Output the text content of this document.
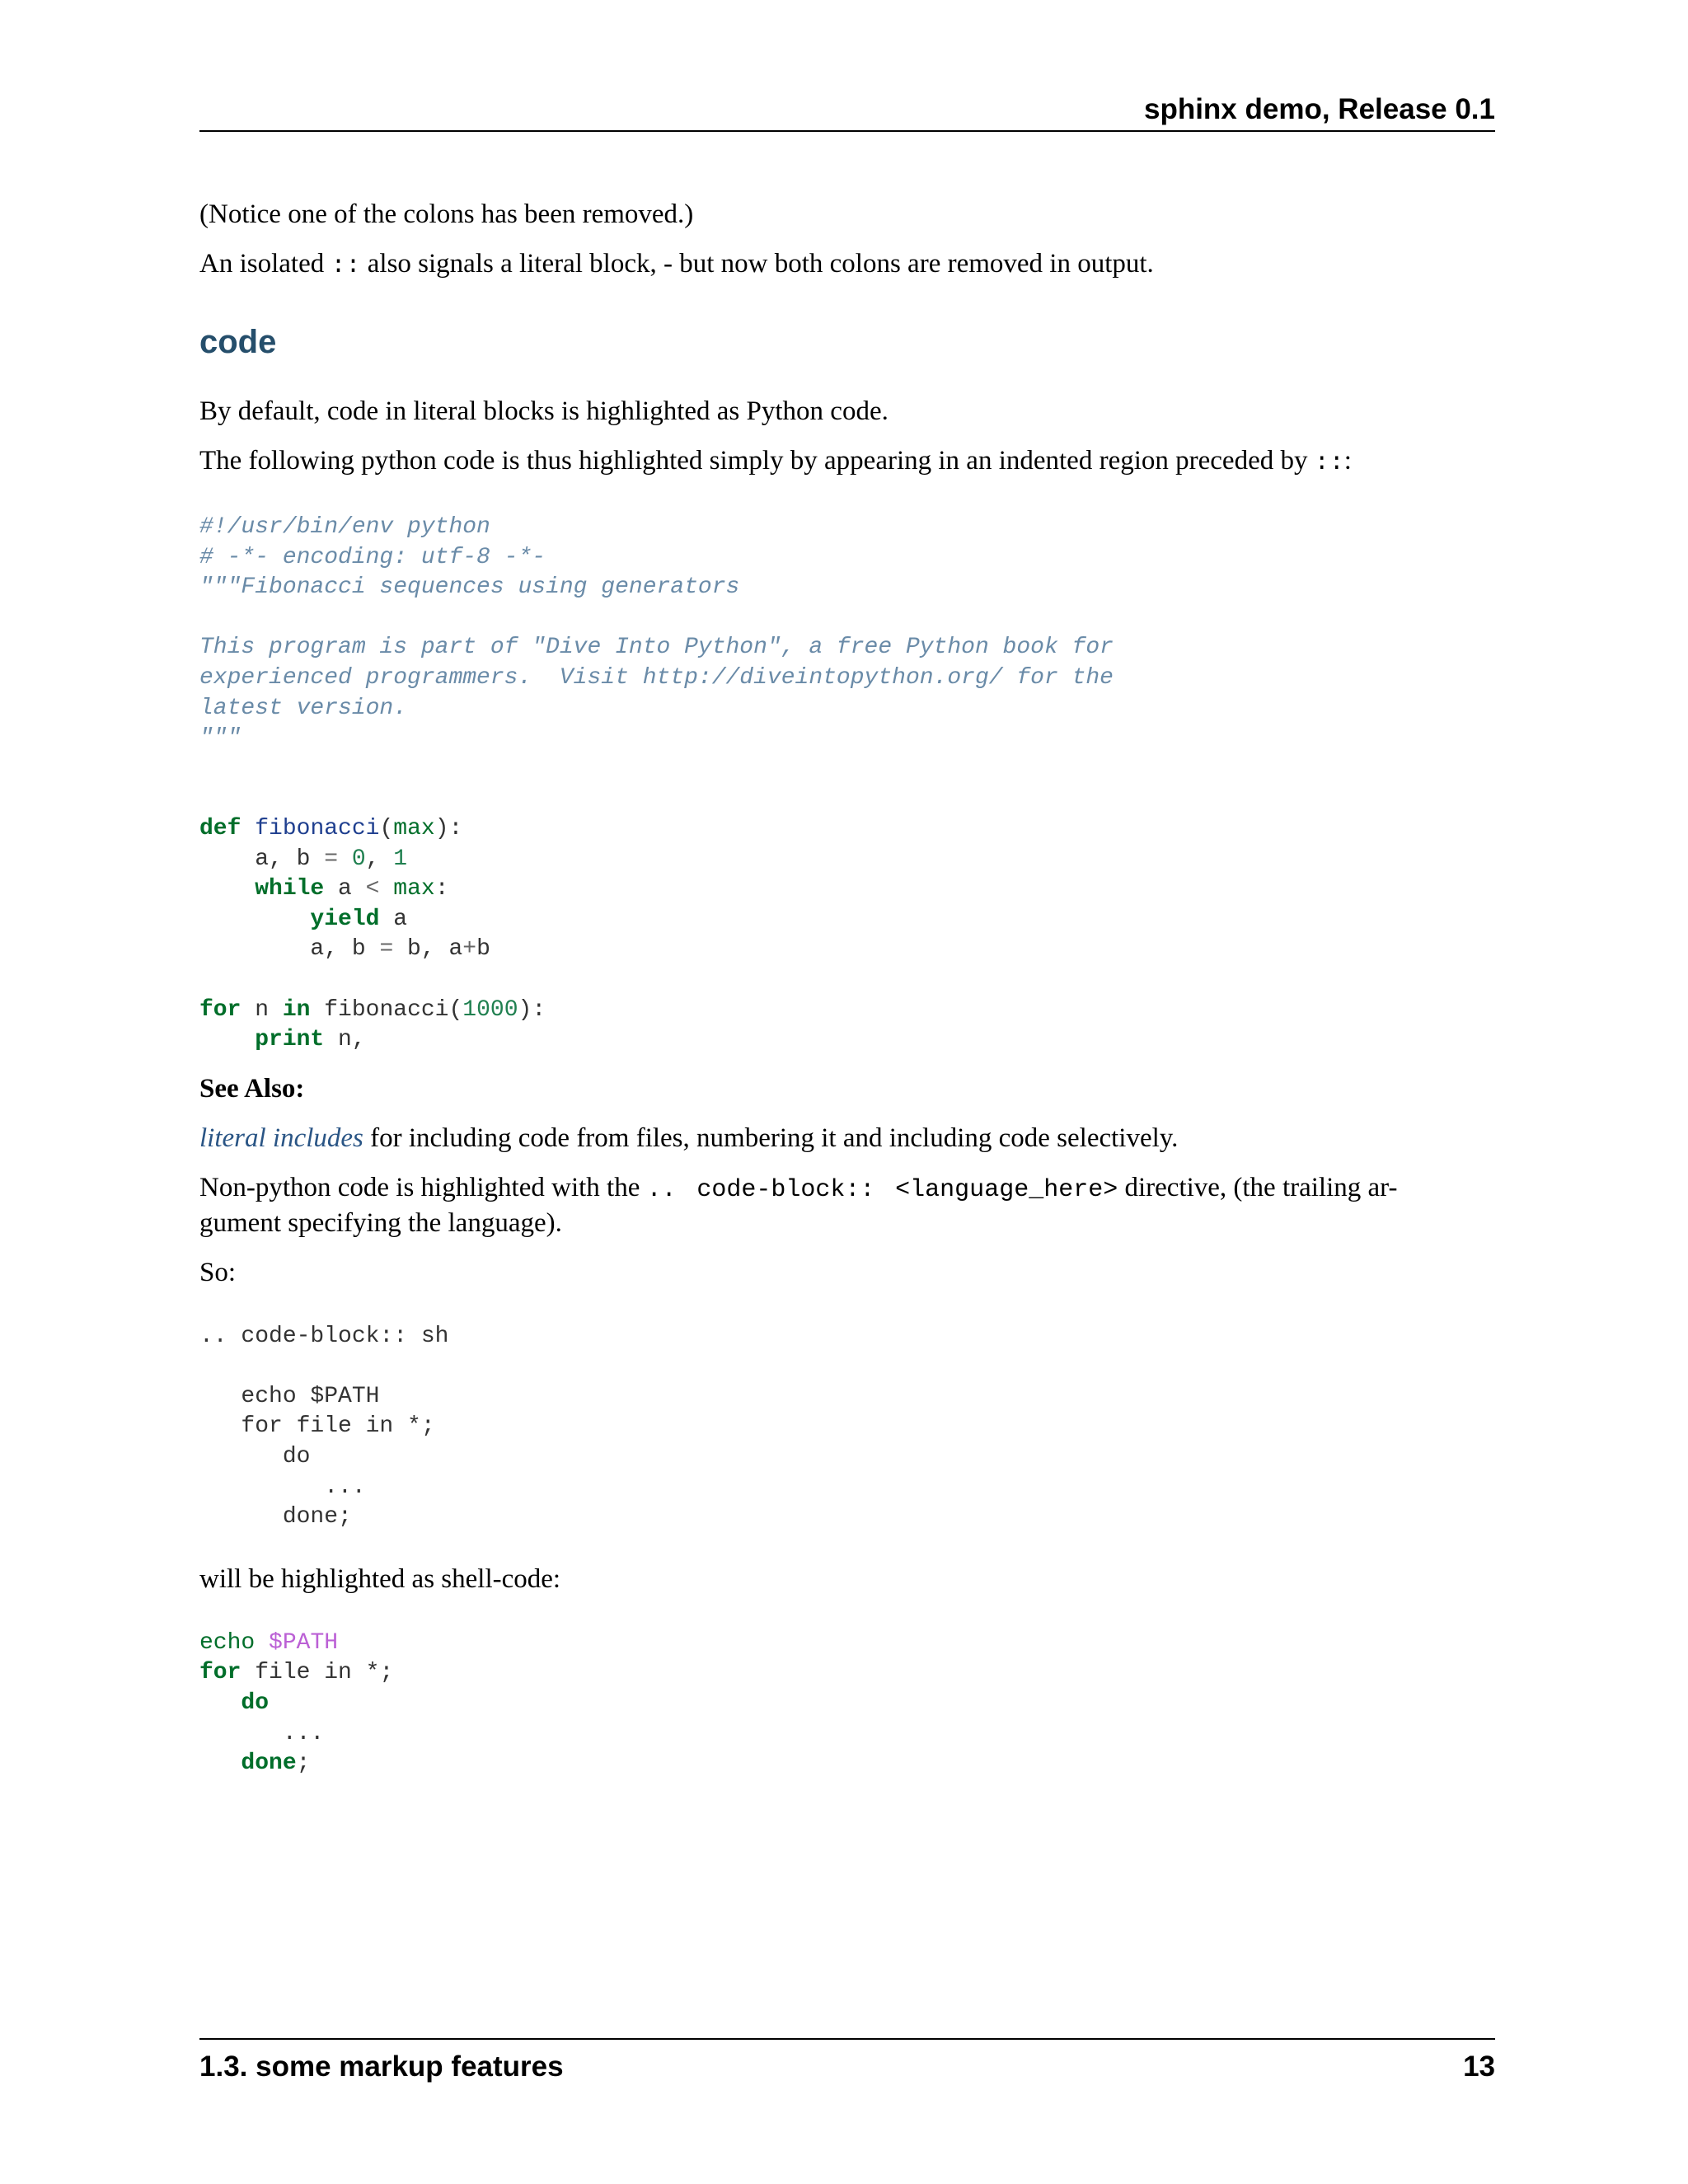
sphinx demo, Release 0.1

(Notice one of the colons has been removed.)

An isolated :: also signals a literal block, - but now both colons are removed in output.

code

By default, code in literal blocks is highlighted as Python code.

The following python code is thus highlighted simply by appearing in an indented region preceded by :::

#!/usr/bin/env python
# -*- encoding: utf-8 -*-
"""Fibonacci sequences using generators

This program is part of "Dive Into Python", a free Python book for
experienced programmers.  Visit http://diveintopython.org/ for the
latest version.
"""

def fibonacci(max):
a, b = 0, 1
while a < max:
yield a
a, b = b, a+b

for n in fibonacci(1000):
print n,

See Also:

literal includes for including code from files, numbering it and including code selectively.

Non-python code is highlighted with the .. code-block:: <language_here> directive, (the trailing ar-
gument specifying the language).

So:

.. code-block:: sh

echo $PATH
for file in *;
do
...
done;

will be highlighted as shell-code:

echo $PATH
for file in *;
do
...
done;
1.3. some markup features	13
